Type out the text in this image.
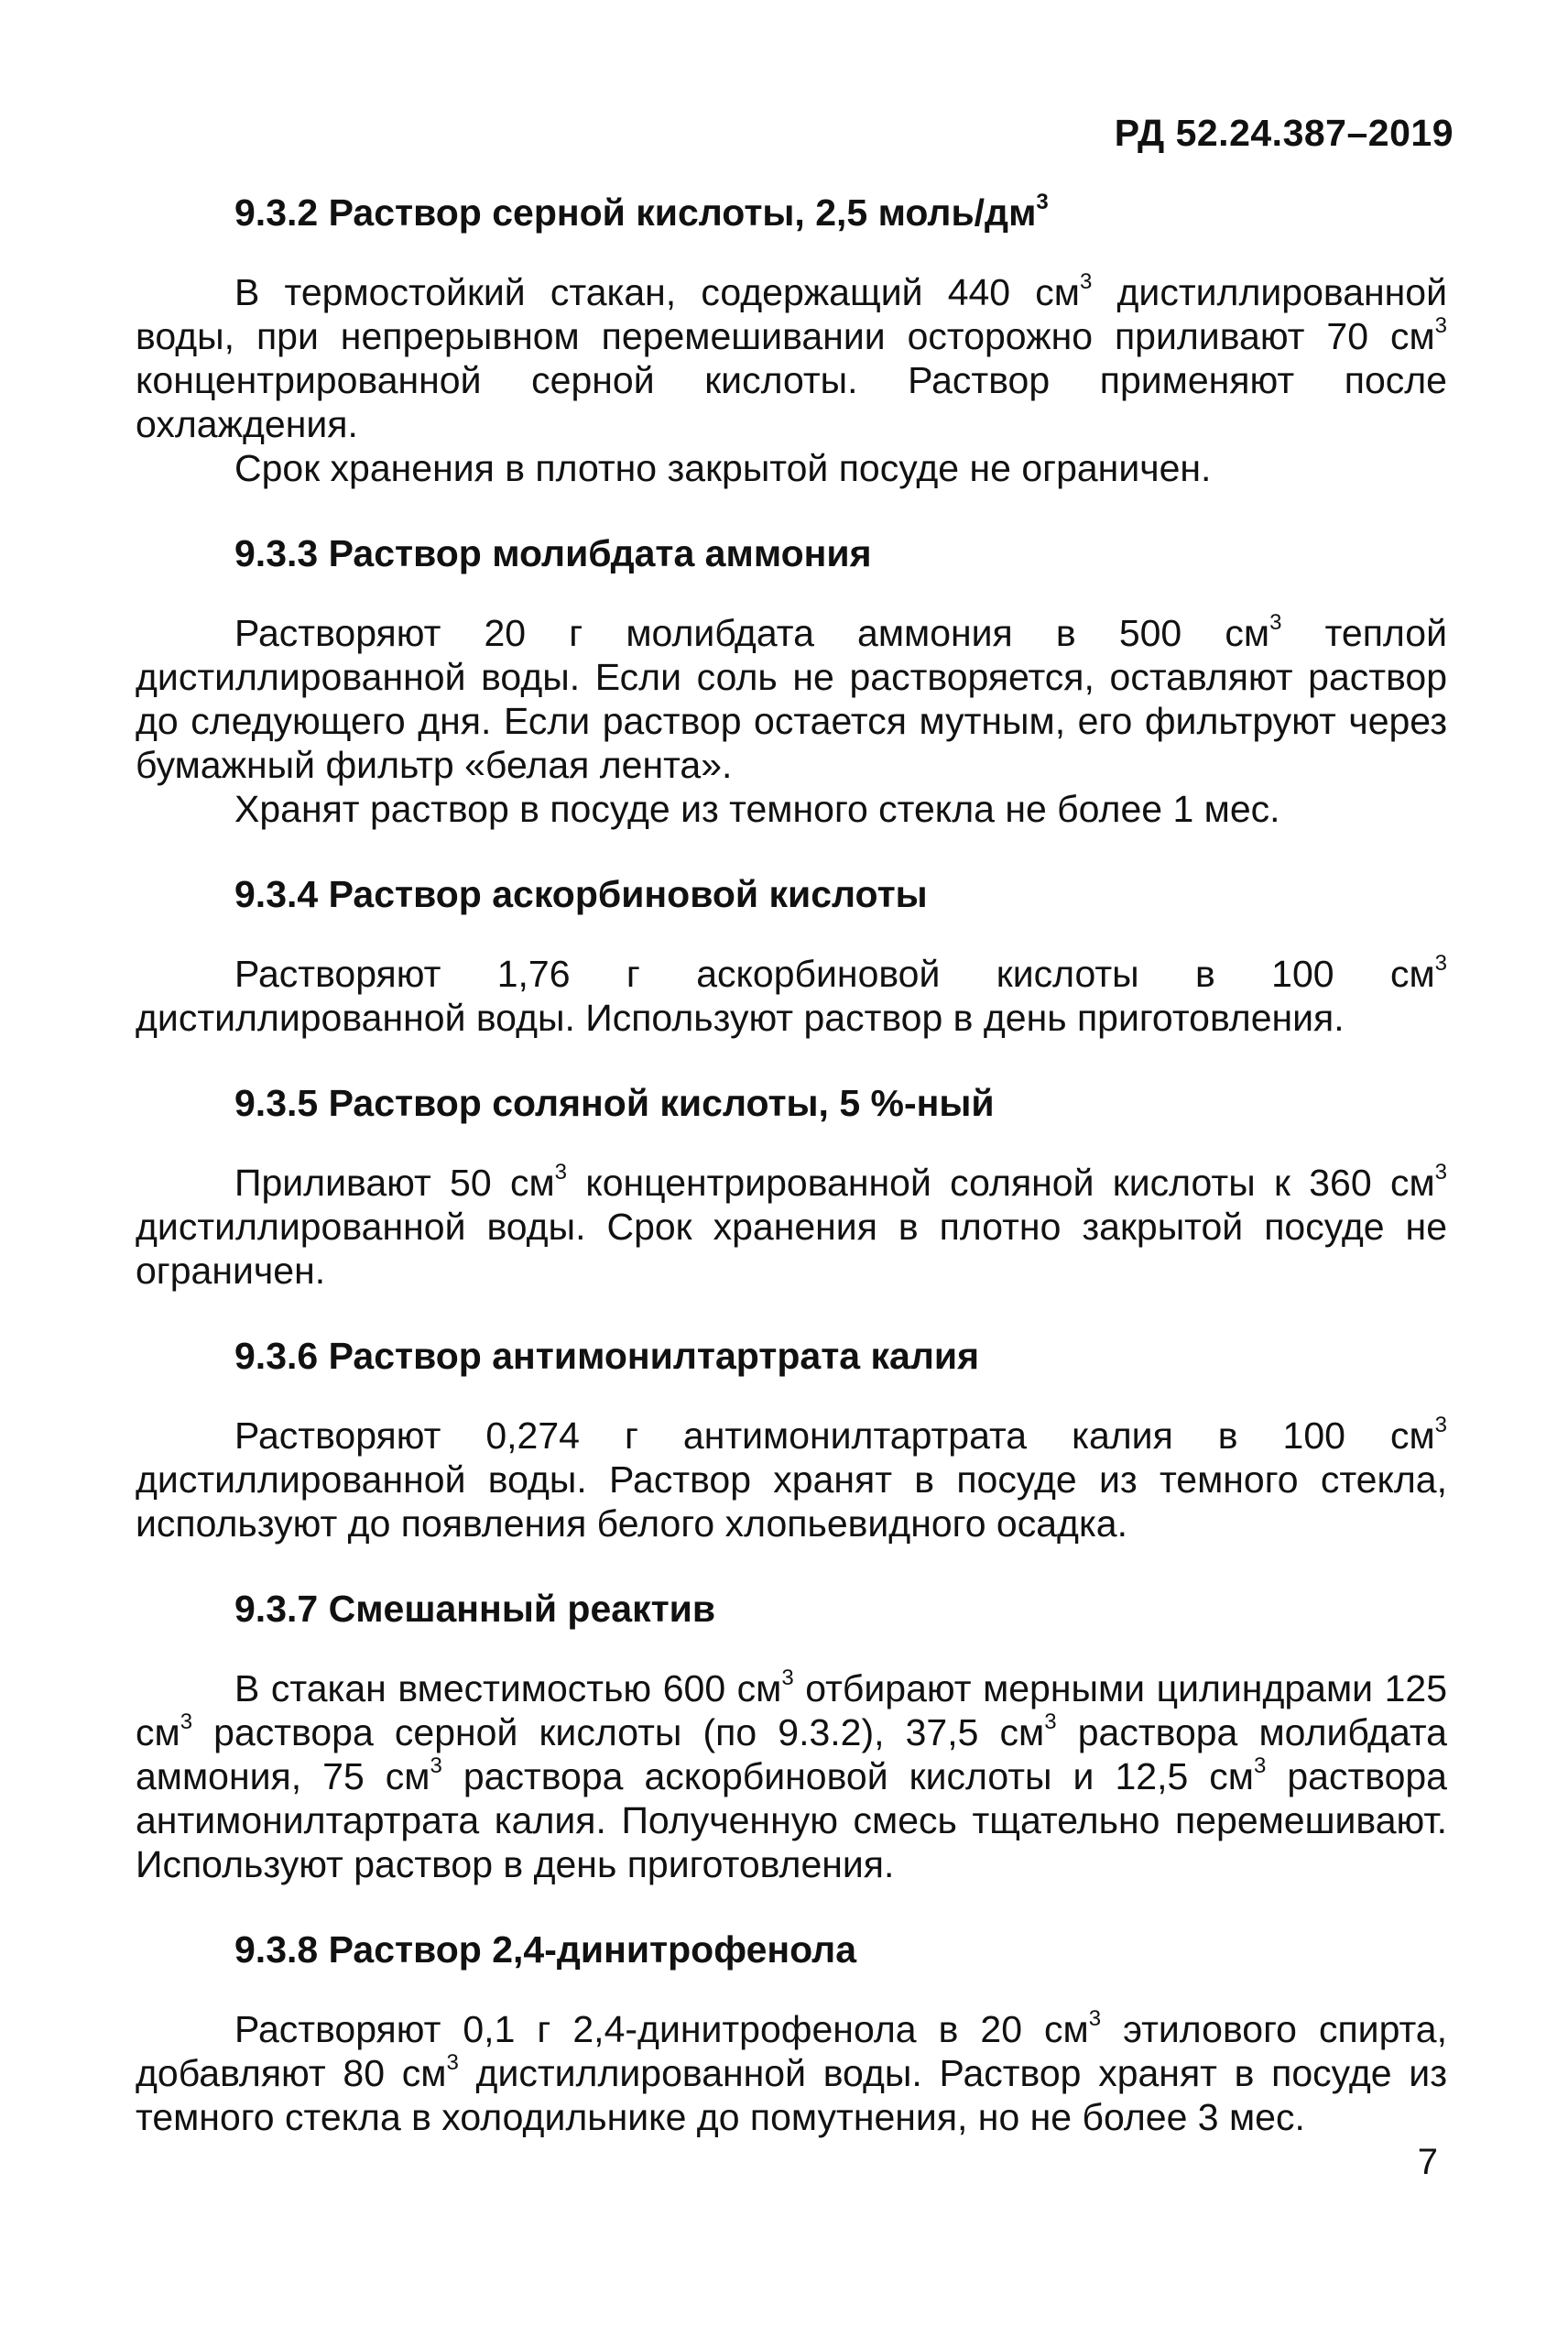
РД 52.24.387–2019
9.3.2 Раствор серной кислоты, 2,5 моль/$дм^3$

В термостойкий стакан, содержащий 440 $см^3$ дистиллированной воды, при непрерывном перемешивании осторожно приливают 70 $см^3$ концентрированной серной кислоты. Раствор применяют после охлаждения.

Срок хранения в плотно закрытой посуде не ограничен.

9.3.3 Раствор молибдата аммония

Растворяют 20 г молибдата аммония в 500 $см^3$ теплой дистиллированной воды. Если соль не растворяется, оставляют раствор до следующего дня. Если раствор остается мутным, его фильтруют через бумажный фильтр «белая лента».

Хранят раствор в посуде из темного стекла не более 1 мес.

9.3.4 Раствор аскорбиновой кислоты

Растворяют 1,76 г аскорбиновой кислоты в 100 $см^3$ дистиллированной воды. Используют раствор в день приготовления.

9.3.5 Раствор соляной кислоты, 5 %-ный

Приливают 50 $см^3$ концентрированной соляной кислоты к 360 $см^3$ дистиллированной воды. Срок хранения в плотно закрытой посуде не ограничен.

9.3.6 Раствор антимонилтартрата калия

Растворяют 0,274 г антимонилтартрата калия в 100 $см^3$ дистиллированной воды. Раствор хранят в посуде из темного стекла, используют до появления белого хлопьевидного осадка.

9.3.7 Смешанный реактив

В стакан вместимостью 600 $см^3$ отбирают мерными цилиндрами 125 $см^3$ раствора серной кислоты (по 9.3.2), 37,5 $см^3$ раствора молибдата аммония, 75 $см^3$ раствора аскорбиновой кислоты и 12,5 $см^3$ раствора антимонилтартрата калия. Полученную смесь тщательно перемешивают. Используют раствор в день приготовления.

9.3.8 Раствор 2,4-динитрофенола

Растворяют 0,1 г 2,4-динитрофенола в 20 $см^3$ этилового спирта, добавляют 80 $см^3$ дистиллированной воды. Раствор хранят в посуде из темного стекла в холодильнике до помутнения, но не более 3 мес.

7
